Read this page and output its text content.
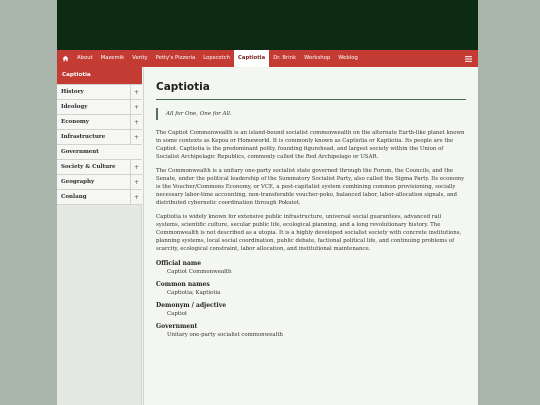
About	Mazemik	Verity	Petty's Pizzeria	Lopscotch	Captiotia	Dr. Brink	Workshop	Weblog
Captiotia
History	+
Ideology	+
Economy	+
Infrastructure	+
Government
Society & Culture	+
Geography	+
Conlang	+
Captiotia
All for One, One for All.

The Captiot Commonwealth is an island-bound socialist commonwealth on the alternate Earth-like planet known in some contexts as Kepoa or Homeworld. It is commonly known as Captiotia or Kaptiotia. Its people are the Captiot. Captiotia is the predominant polity, founding figurehead, and largest society within the Union of Socialist Archipelagic Republics, commonly called the Red Archipelago or USAR.

The Commonwealth is a unitary one-party socialist state governed through the Forum, the Councils, and the Senate, under the political leadership of the Summatory Socialist Party, also called the Sigma Party. Its economy is the Voucher/Commons Economy, or VCE, a post-capitalist system combining common provisioning, socially necessary labor-time accounting, non-transferable voucher-poko, balanced labor, labor-allocation signals, and distributed cybernetic coordination through Pokuiot.

Captiotia is widely known for extensive public infrastructure, universal social guarantees, advanced rail systems, scientific culture, secular public life, ecological planning, and a long revolutionary history. The Commonwealth is not described as a utopia. It is a highly developed socialist society with concrete institutions, planning systems, local social coordination, public debate, factional political life, and continuing problems of scarcity, ecological constraint, labor allocation, and institutional maintenance.

Official name
Captiot Commonwealth
Common names
Captiotia; Kaptiotia
Demonym / adjective
Captiot
Government
Unitary one-party socialist commonwealth
